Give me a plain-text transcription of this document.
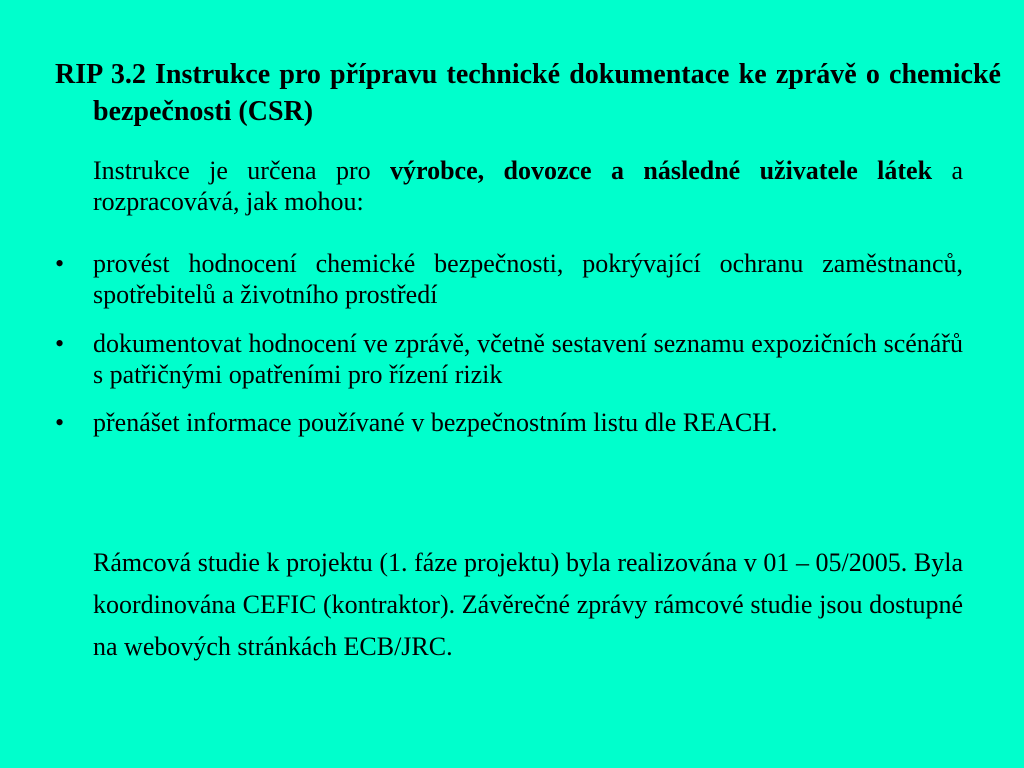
RIP 3.2 Instrukce pro přípravu technické dokumentace ke zprávě o chemické bezpečnosti (CSR)
Instrukce je určena pro výrobce, dovozce a následné uživatele látek a rozpracovává, jak mohou:
•	provést hodnocení chemické bezpečnosti, pokrývající ochranu zaměstnanců, spotřebitelů a životního prostředí
•	dokumentovat hodnocení ve zprávě, včetně sestavení seznamu expozičních scénářů s patřičnými opatřeními pro řízení rizik
•	přenášet informace používané v bezpečnostním listu dle REACH.
Rámcová studie k projektu (1. fáze projektu) byla realizována v 01 – 05/2005. Byla koordinována CEFIC (kontraktor). Závěrečné zprávy rámcové studie jsou dostupné na webových stránkách ECB/JRC.
